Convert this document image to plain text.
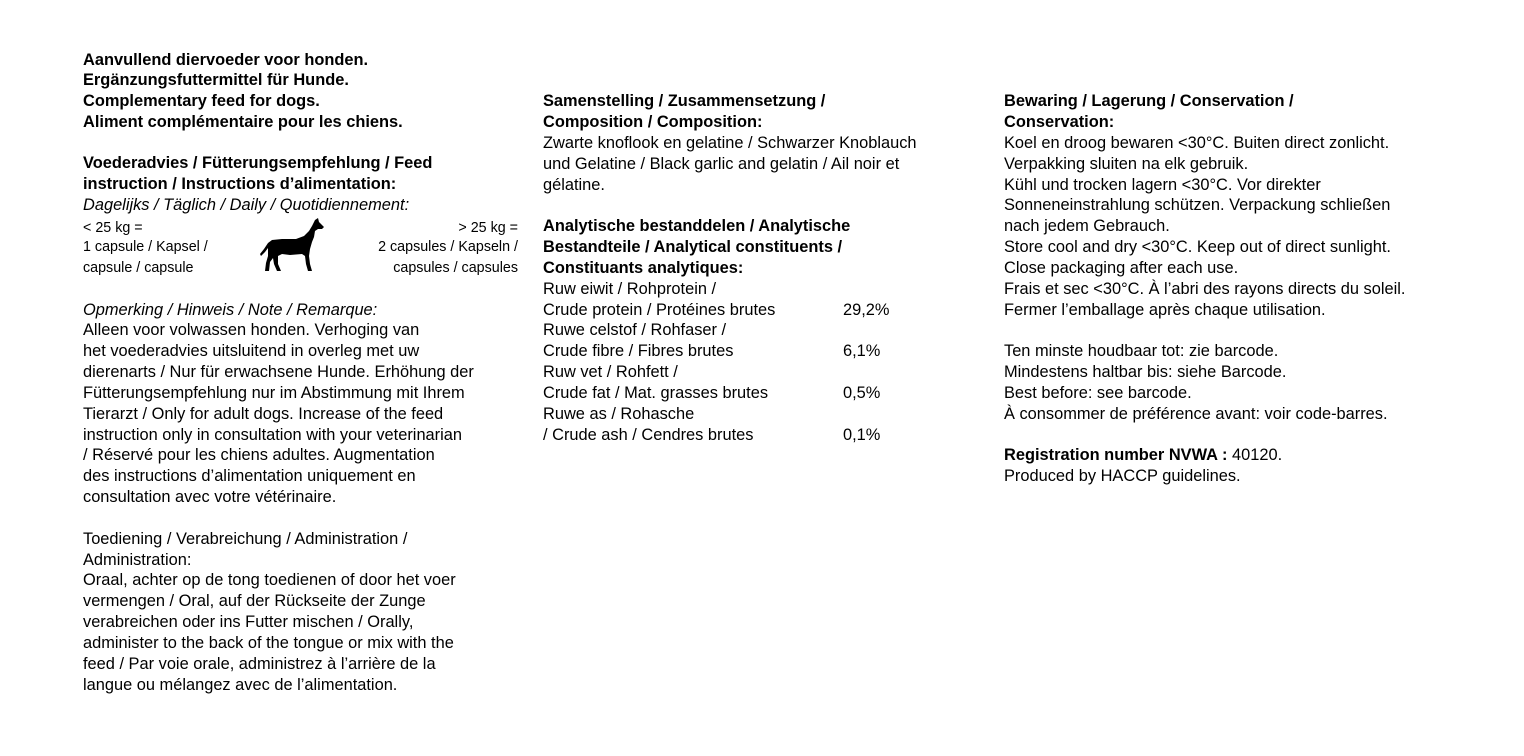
Aanvullend diervoeder voor honden.
Ergänzungsfuttermittel für Hunde.
Complementary feed for dogs.
Aliment complémentaire pour les chiens.
Voederadvies / Fütterungsempfehlung / Feed
instruction / Instructions d’alimentation:
Dagelijks / Täglich / Daily / Quotidiennement:
< 25 kg =
1 capsule / Kapsel /
capsule / capsule
> 25 kg =
2 capsules / Kapseln /
capsules / capsules
Opmerking / Hinweis / Note / Remarque:
Alleen voor volwassen honden. Verhoging van
het voederadvies uitsluitend in overleg met uw
dierenarts / Nur für erwachsene Hunde. Erhöhung der
Fütterungsempfehlung nur im Abstimmung mit Ihrem
Tierarzt / Only for adult dogs. Increase of the feed
instruction only in consultation with your veterinarian
/ Réservé pour les chiens adultes. Augmentation
des instructions d’alimentation uniquement en
consultation avec votre vétérinaire.
Toediening / Verabreichung / Administration /
Administration:
Oraal, achter op de tong toedienen of door het voer
vermengen / Oral, auf der Rückseite der Zunge
verabreichen oder ins Futter mischen / Orally,
administer to the back of the tongue or mix with the
feed / Par voie orale, administrez à l’arrière de la
langue ou mélangez avec de l’alimentation.
Samenstelling / Zusammensetzung /
Composition / Composition:
Zwarte knoflook en gelatine / Schwarzer Knoblauch
und Gelatine / Black garlic and gelatin / Ail noir et
gélatine.
Analytische bestanddelen / Analytische
Bestandteile / Analytical constituents /
Constituants analytiques:
Ruw eiwit / Rohprotein /
Crude protein / Protéines brutes	29,2%
Ruwe celstof / Rohfaser /
Crude fibre / Fibres brutes	6,1%
Ruw vet / Rohfett /
Crude fat / Mat. grasses brutes	0,5%
Ruwe as / Rohasche
/ Crude ash / Cendres brutes	0,1%
Bewaring / Lagerung / Conservation /
Conservation:
Koel en droog bewaren <30°C. Buiten direct zonlicht.
Verpakking sluiten na elk gebruik.
Kühl und trocken lagern <30°C. Vor direkter
Sonneneinstrahlung schützen. Verpackung schließen
nach jedem Gebrauch.
Store cool and dry <30°C. Keep out of direct sunlight.
Close packaging after each use.
Frais et sec <30°C. À l’abri des rayons directs du soleil.
Fermer l’emballage après chaque utilisation.
Ten minste houdbaar tot: zie barcode.
Mindestens haltbar bis: siehe Barcode.
Best before: see barcode.
À consommer de préférence avant: voir code-barres.
Registration number NVWA : 40120.
Produced by HACCP guidelines.
